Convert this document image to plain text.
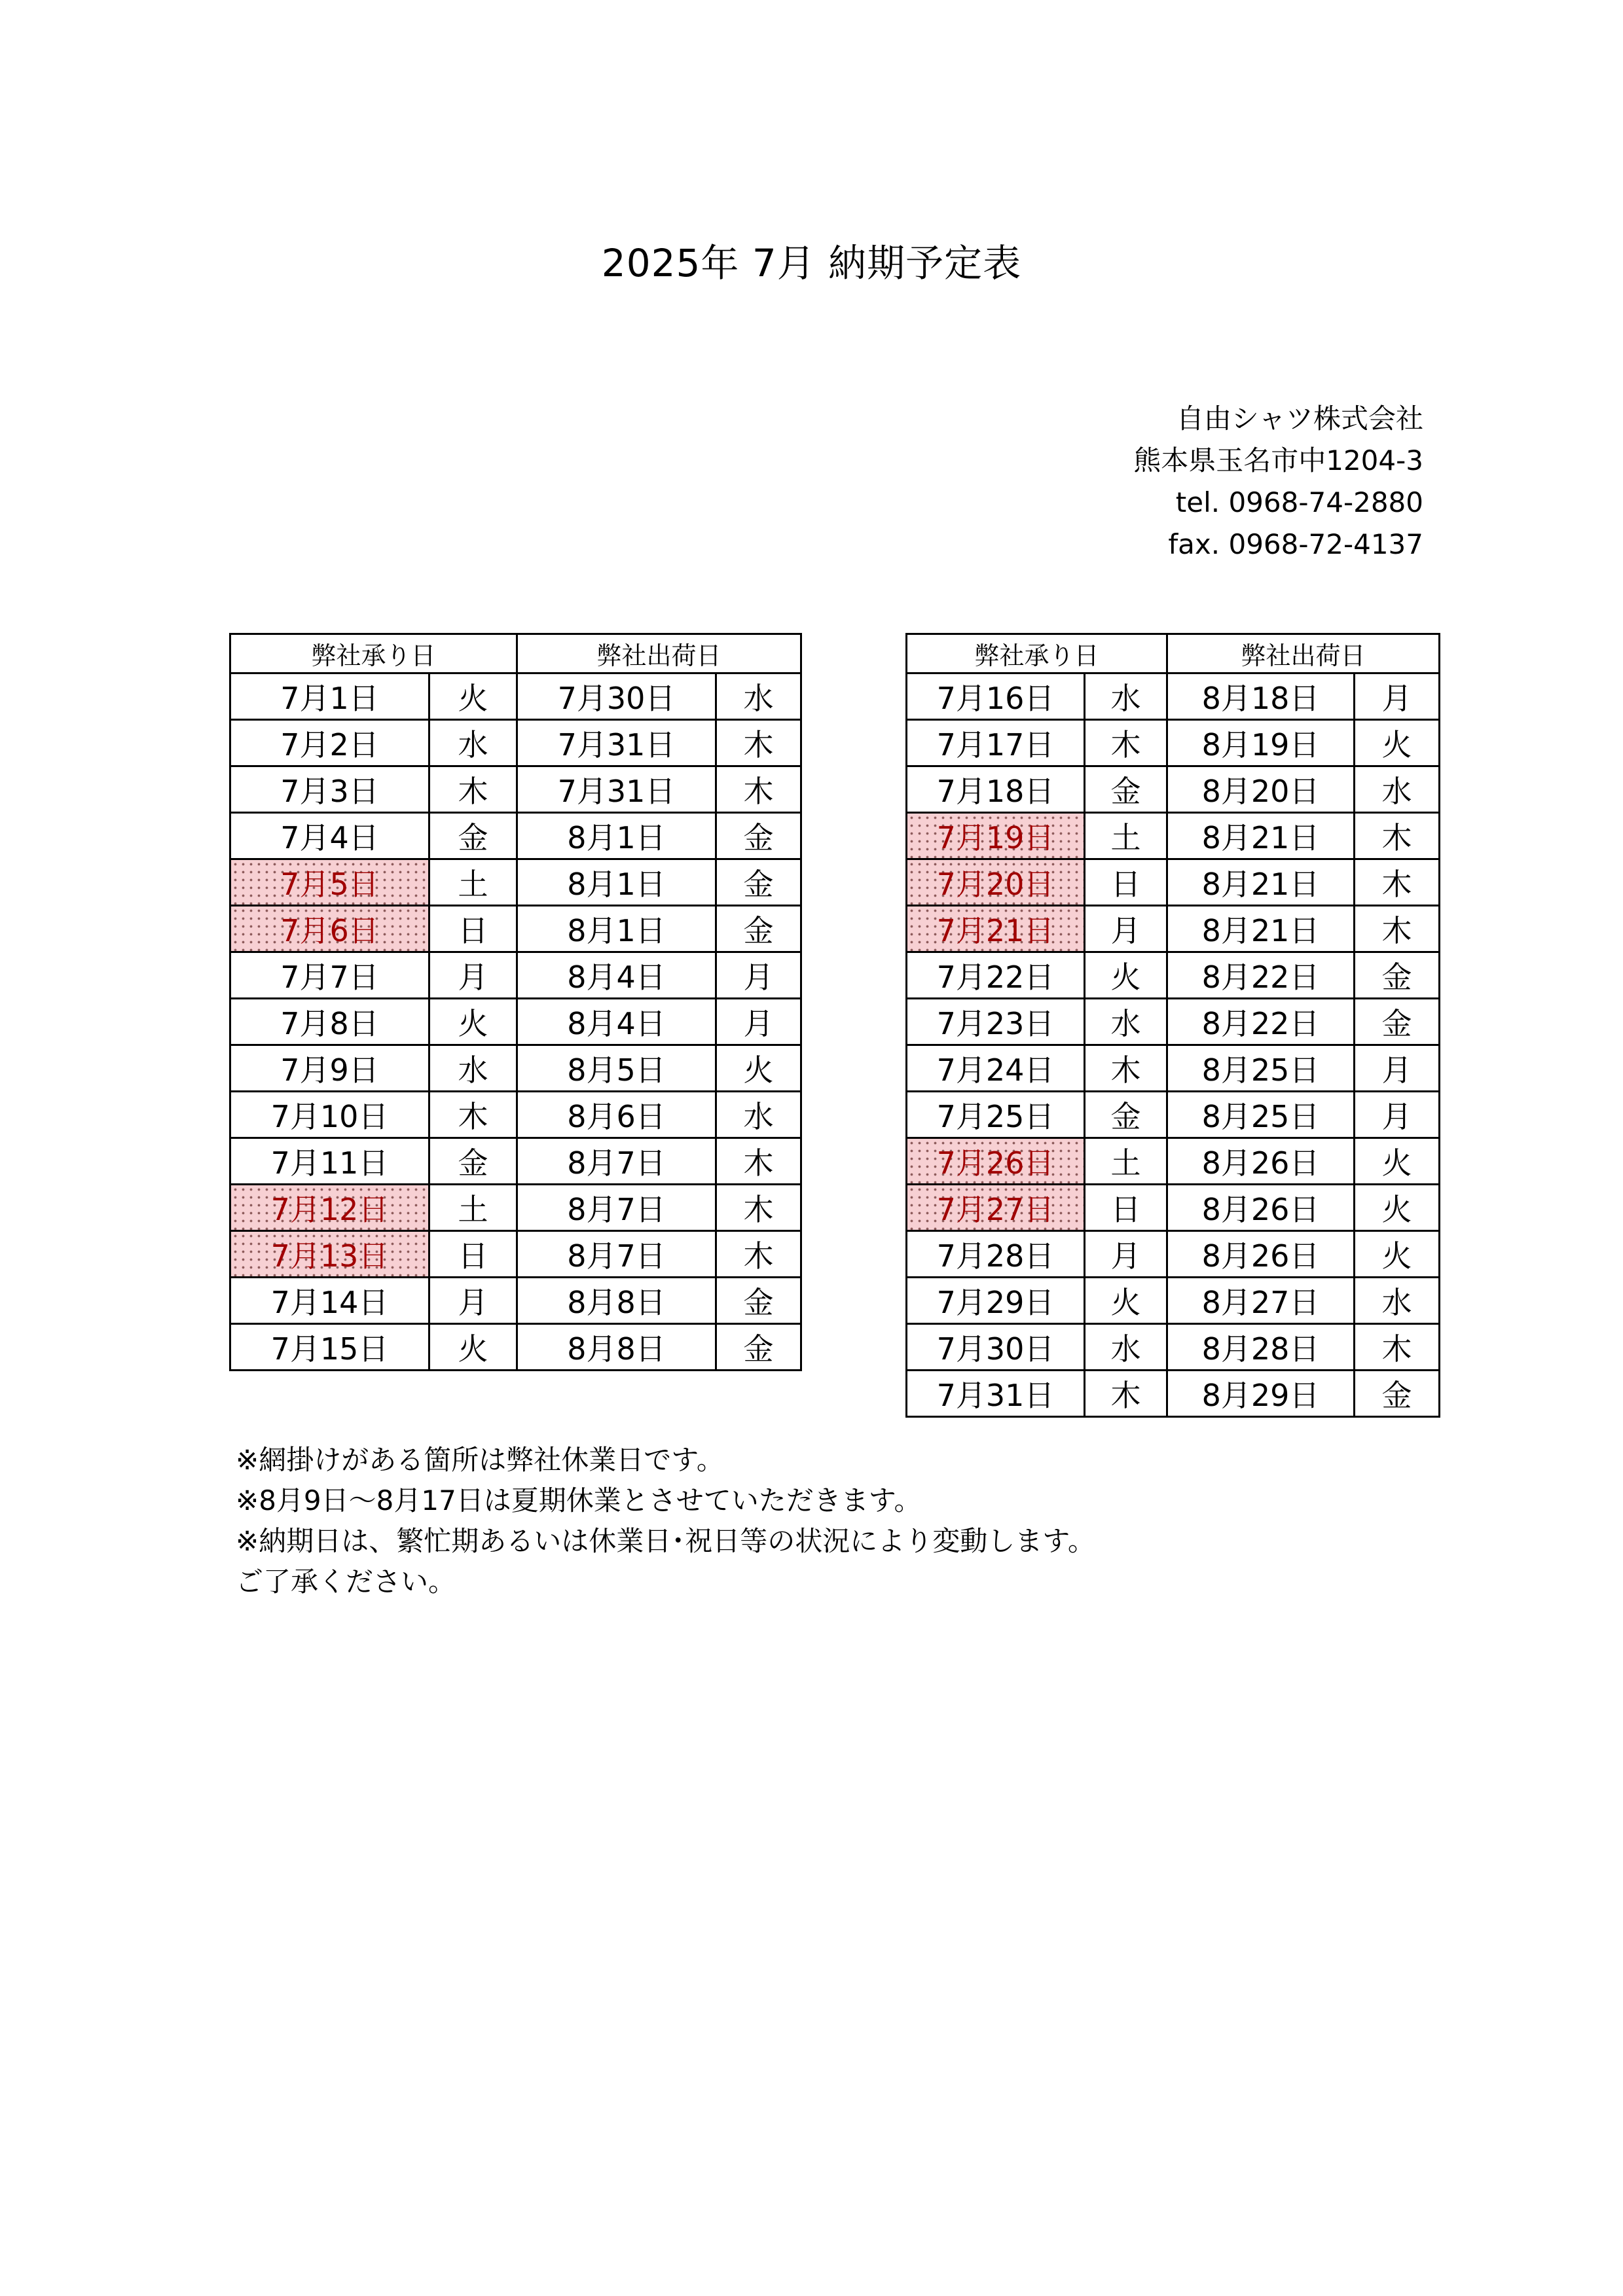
2025年 7月 納期予定表
自由シャツ株式会社
熊本県玉名市中1204-3
tel. 0968-74-2880
fax. 0968-72-4137
弊社承り日		弊社出荷日	
7月1日	火	7月30日	水
7月2日	水	7月31日	木
7月3日	木	7月31日	木
7月4日	金	8月1日	金
7月5日	土	8月1日	金
7月6日	日	8月1日	金
7月7日	月	8月4日	月
7月8日	火	8月4日	月
7月9日	水	8月5日	火
7月10日	木	8月6日	水
7月11日	金	8月7日	木
7月12日	土	8月7日	木
7月13日	日	8月7日	木
7月14日	月	8月8日	金
7月15日	火	8月8日	金
弊社承り日		弊社出荷日	
7月16日	水	8月18日	月
7月17日	木	8月19日	火
7月18日	金	8月20日	水
7月19日	土	8月21日	木
7月20日	日	8月21日	木
7月21日	月	8月21日	木
7月22日	火	8月22日	金
7月23日	水	8月22日	金
7月24日	木	8月25日	月
7月25日	金	8月25日	月
7月26日	土	8月26日	火
7月27日	日	8月26日	火
7月28日	月	8月26日	火
7月29日	火	8月27日	水
7月30日	水	8月28日	木
7月31日	木	8月29日	金
※網掛けがある箇所は弊社休業日です。
※8月9日～8月17日は夏期休業とさせていただきます。
※納期日は、繁忙期あるいは休業日･祝日等の状況により変動します。
ご了承ください。
